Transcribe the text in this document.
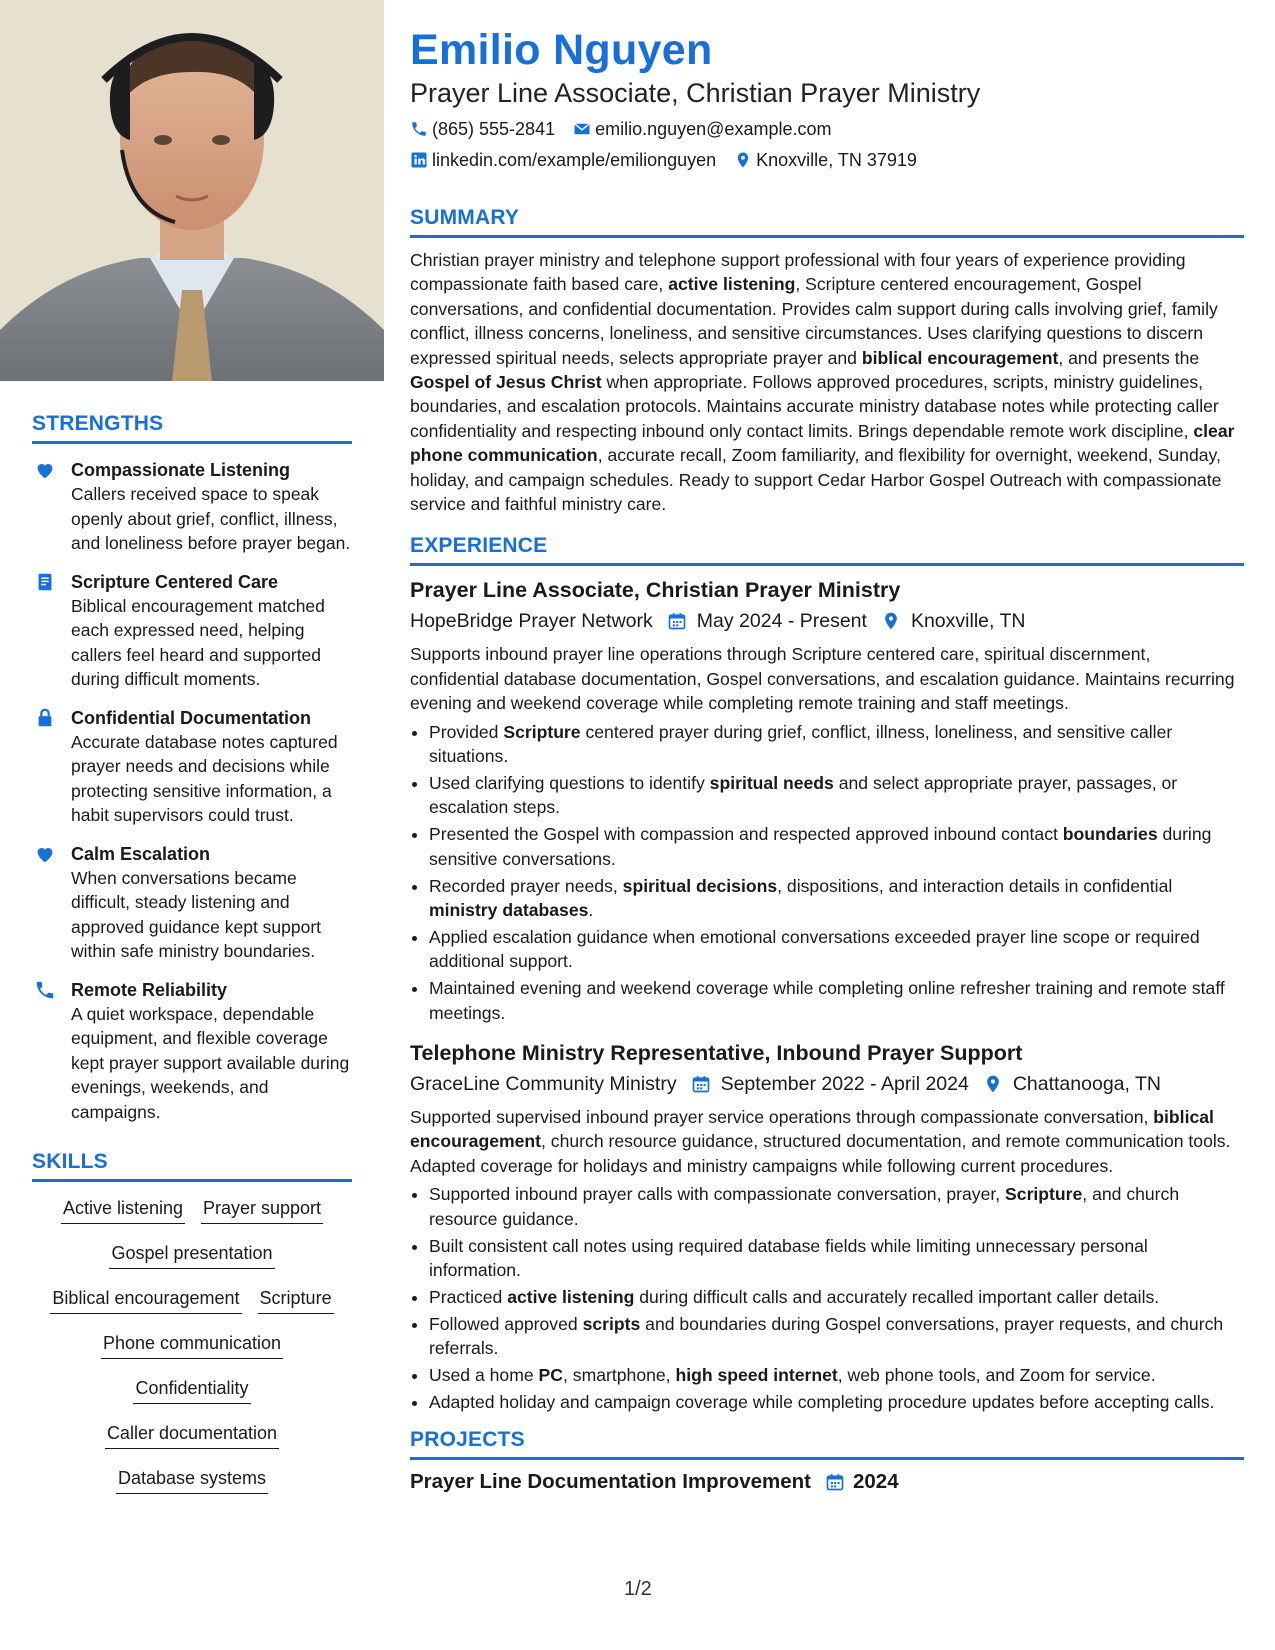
STRENGTHS
Compassionate Listening
Callers received space to speak openly about grief, conflict, illness, and loneliness before prayer began.
Scripture Centered Care
Biblical encouragement matched each expressed need, helping callers feel heard and supported during difficult moments.
Confidential Documentation
Accurate database notes captured prayer needs and decisions while protecting sensitive information, a habit supervisors could trust.
Calm Escalation
When conversations became difficult, steady listening and approved guidance kept support within safe ministry boundaries.
Remote Reliability
A quiet workspace, dependable equipment, and flexible coverage kept prayer support available during evenings, weekends, and campaigns.
SKILLS
Active listening Prayer support
Gospel presentation
Biblical encouragement Scripture
Phone communication
Confidentiality
Caller documentation
Database systems
Emilio Nguyen
Prayer Line Associate, Christian Prayer Ministry
(865) 555-2841 emilio.nguyen@example.com
linkedin.com/example/emilionguyen Knoxville, TN 37919
SUMMARY

Christian prayer ministry and telephone support professional with four years of experience providing compassionate faith based care, active listening, Scripture centered encouragement, Gospel conversations, and confidential documentation. Provides calm support during calls involving grief, family conflict, illness concerns, loneliness, and sensitive circumstances. Uses clarifying questions to discern expressed spiritual needs, selects appropriate prayer and biblical encouragement, and presents the Gospel of Jesus Christ when appropriate. Follows approved procedures, scripts, ministry guidelines, boundaries, and escalation protocols. Maintains accurate ministry database notes while protecting caller confidentiality and respecting inbound only contact limits. Brings dependable remote work discipline, clear phone communication, accurate recall, Zoom familiarity, and flexibility for overnight, weekend, Sunday, holiday, and campaign schedules. Ready to support Cedar Harbor Gospel Outreach with compassionate service and faithful ministry care.

EXPERIENCE
Prayer Line Associate, Christian Prayer Ministry
HopeBridge Prayer Network May 2024 - Present Knoxville, TN

Supports inbound prayer line operations through Scripture centered care, spiritual discernment, confidential database documentation, Gospel conversations, and escalation guidance. Maintains recurring evening and weekend coverage while completing remote training and staff meetings.

• Provided Scripture centered prayer during grief, conflict, illness, loneliness, and sensitive caller situations.
• Used clarifying questions to identify spiritual needs and select appropriate prayer, passages, or escalation steps.
• Presented the Gospel with compassion and respected approved inbound contact boundaries during sensitive conversations.
• Recorded prayer needs, spiritual decisions, dispositions, and interaction details in confidential ministry databases.
• Applied escalation guidance when emotional conversations exceeded prayer line scope or required additional support.
• Maintained evening and weekend coverage while completing online refresher training and remote staff meetings.
Telephone Ministry Representative, Inbound Prayer Support
GraceLine Community Ministry September 2022 - April 2024 Chattanooga, TN

Supported supervised inbound prayer service operations through compassionate conversation, biblical encouragement, church resource guidance, structured documentation, and remote communication tools. Adapted coverage for holidays and ministry campaigns while following current procedures.

• Supported inbound prayer calls with compassionate conversation, prayer, Scripture, and church resource guidance.
• Built consistent call notes using required database fields while limiting unnecessary personal information.
• Practiced active listening during difficult calls and accurately recalled important caller details.
• Followed approved scripts and boundaries during Gospel conversations, prayer requests, and church referrals.
• Used a home PC, smartphone, high speed internet, web phone tools, and Zoom for service.
• Adapted holiday and campaign coverage while completing procedure updates before accepting calls.
PROJECTS
Prayer Line Documentation Improvement 2024
1/2
